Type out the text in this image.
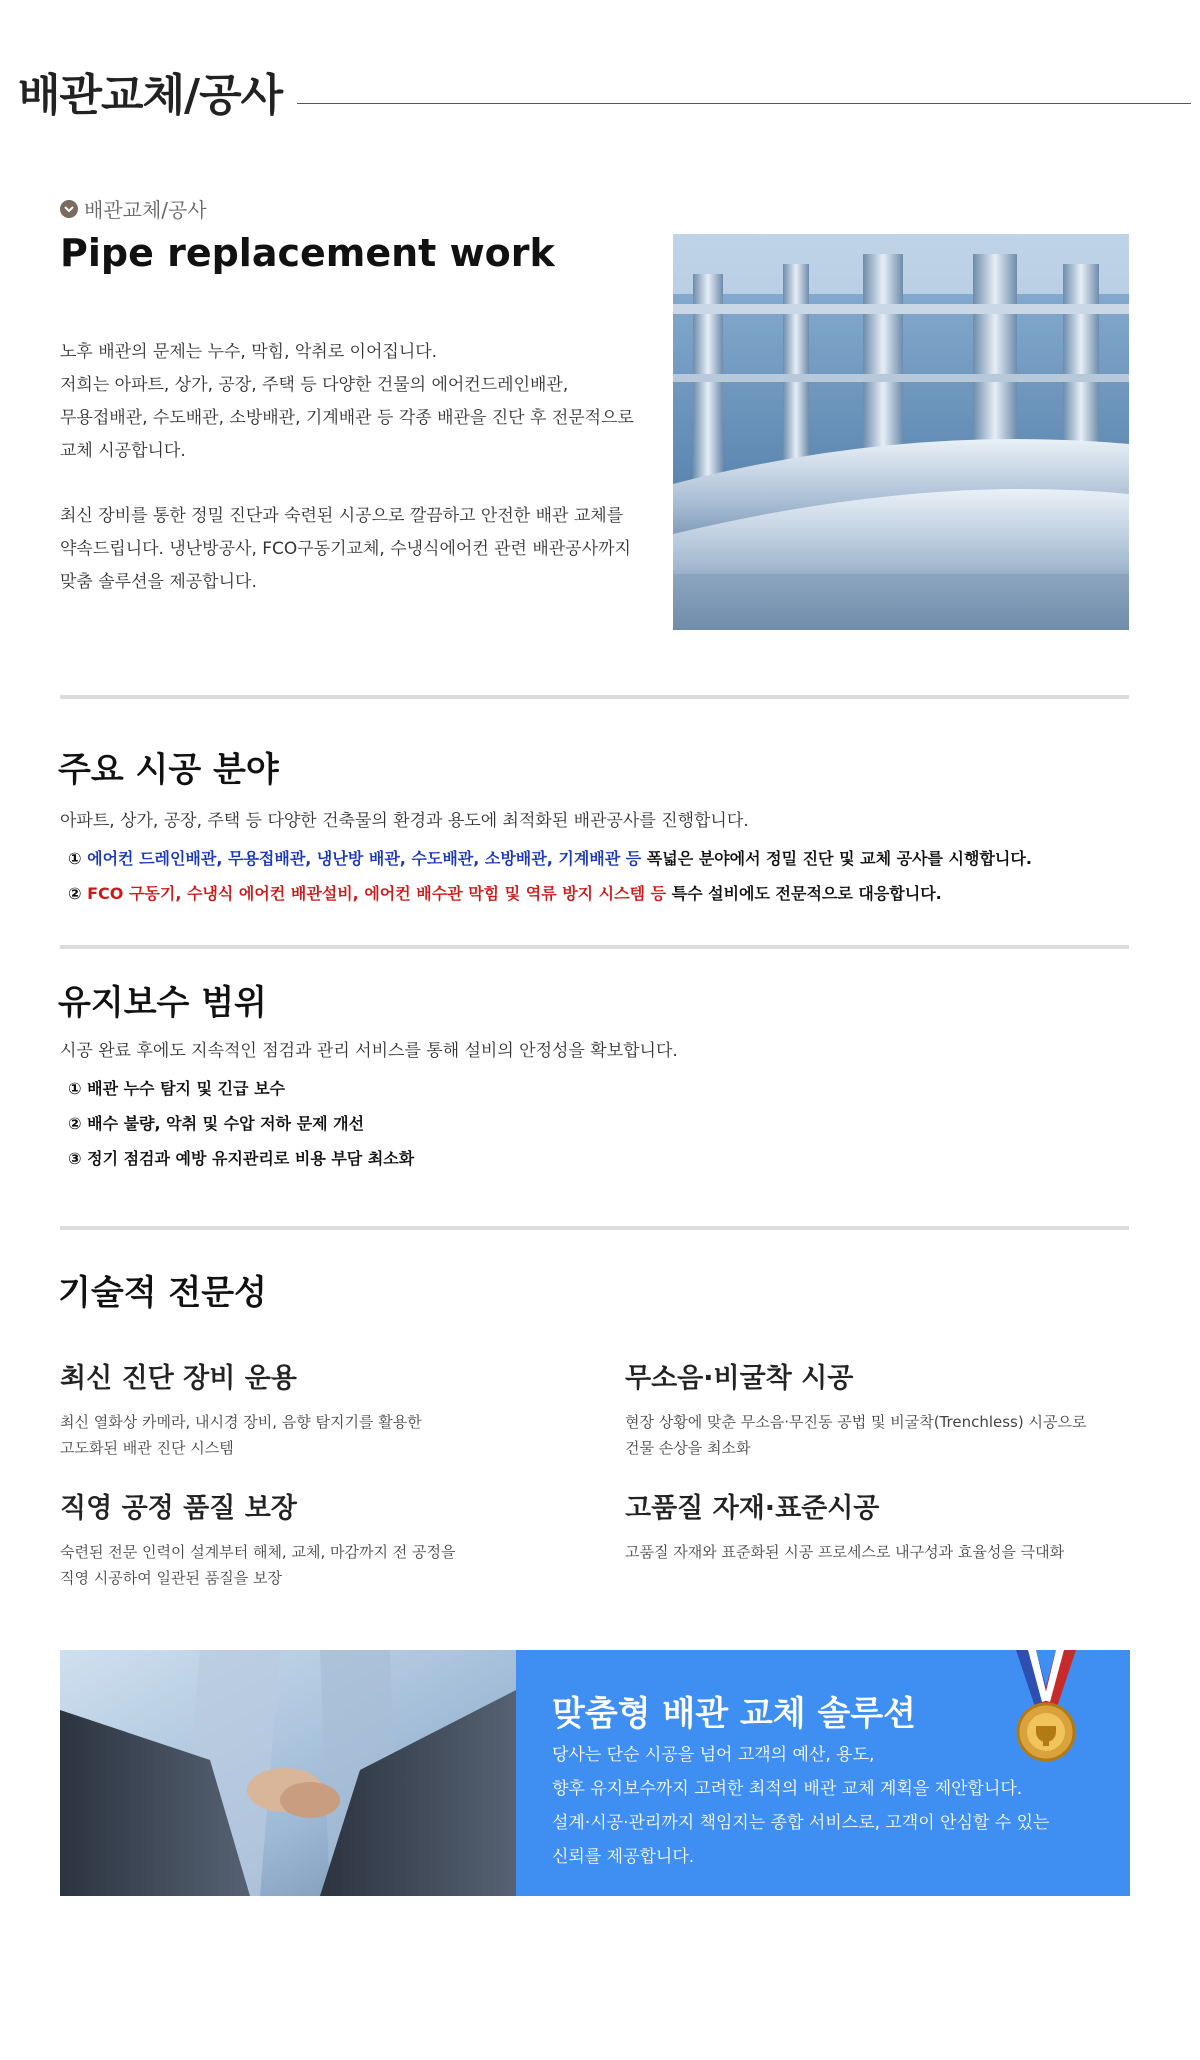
배관교체/공사
배관교체/공사
Pipe replacement work
노후 배관의 문제는 누수, 막힘, 악취로 이어집니다.
저희는 아파트, 상가, 공장, 주택 등 다양한 건물의 에어컨드레인배관,
무용접배관, 수도배관, 소방배관, 기계배관 등 각종 배관을 진단 후 전문적으로
교체 시공합니다.
최신 장비를 통한 정밀 진단과 숙련된 시공으로 깔끔하고 안전한 배관 교체를
약속드립니다. 냉난방공사, FCO구동기교체, 수냉식에어컨 관련 배관공사까지
맞춤 솔루션을 제공합니다.
주요 시공 분야
아파트, 상가, 공장, 주택 등 다양한 건축물의 환경과 용도에 최적화된 배관공사를 진행합니다.
① 에어컨 드레인배관, 무용접배관, 냉난방 배관, 수도배관, 소방배관, 기계배관 등 폭넓은 분야에서 정밀 진단 및 교체 공사를 시행합니다.
② FCO 구동기, 수냉식 에어컨 배관설비, 에어컨 배수관 막힘 및 역류 방지 시스템 등 특수 설비에도 전문적으로 대응합니다.
유지보수 범위
시공 완료 후에도 지속적인 점검과 관리 서비스를 통해 설비의 안정성을 확보합니다.
① 배관 누수 탐지 및 긴급 보수
② 배수 불량, 악취 및 수압 저하 문제 개선
③ 정기 점검과 예방 유지관리로 비용 부담 최소화
기술적 전문성
최신 진단 장비 운용
최신 열화상 카메라, 내시경 장비, 음향 탐지기를 활용한
고도화된 배관 진단 시스템
무소음·비굴착 시공
현장 상황에 맞춘 무소음·무진동 공법 및 비굴착(Trenchless) 시공으로
건물 손상을 최소화
직영 공정 품질 보장
숙련된 전문 인력이 설계부터 해체, 교체, 마감까지 전 공정을
직영 시공하여 일관된 품질을 보장
고품질 자재·표준시공
고품질 자재와 표준화된 시공 프로세스로 내구성과 효율성을 극대화
맞춤형 배관 교체 솔루션
당사는 단순 시공을 넘어 고객의 예산, 용도,
향후 유지보수까지 고려한 최적의 배관 교체 계획을 제안합니다.
설계·시공·관리까지 책임지는 종합 서비스로, 고객이 안심할 수 있는
신뢰를 제공합니다.
